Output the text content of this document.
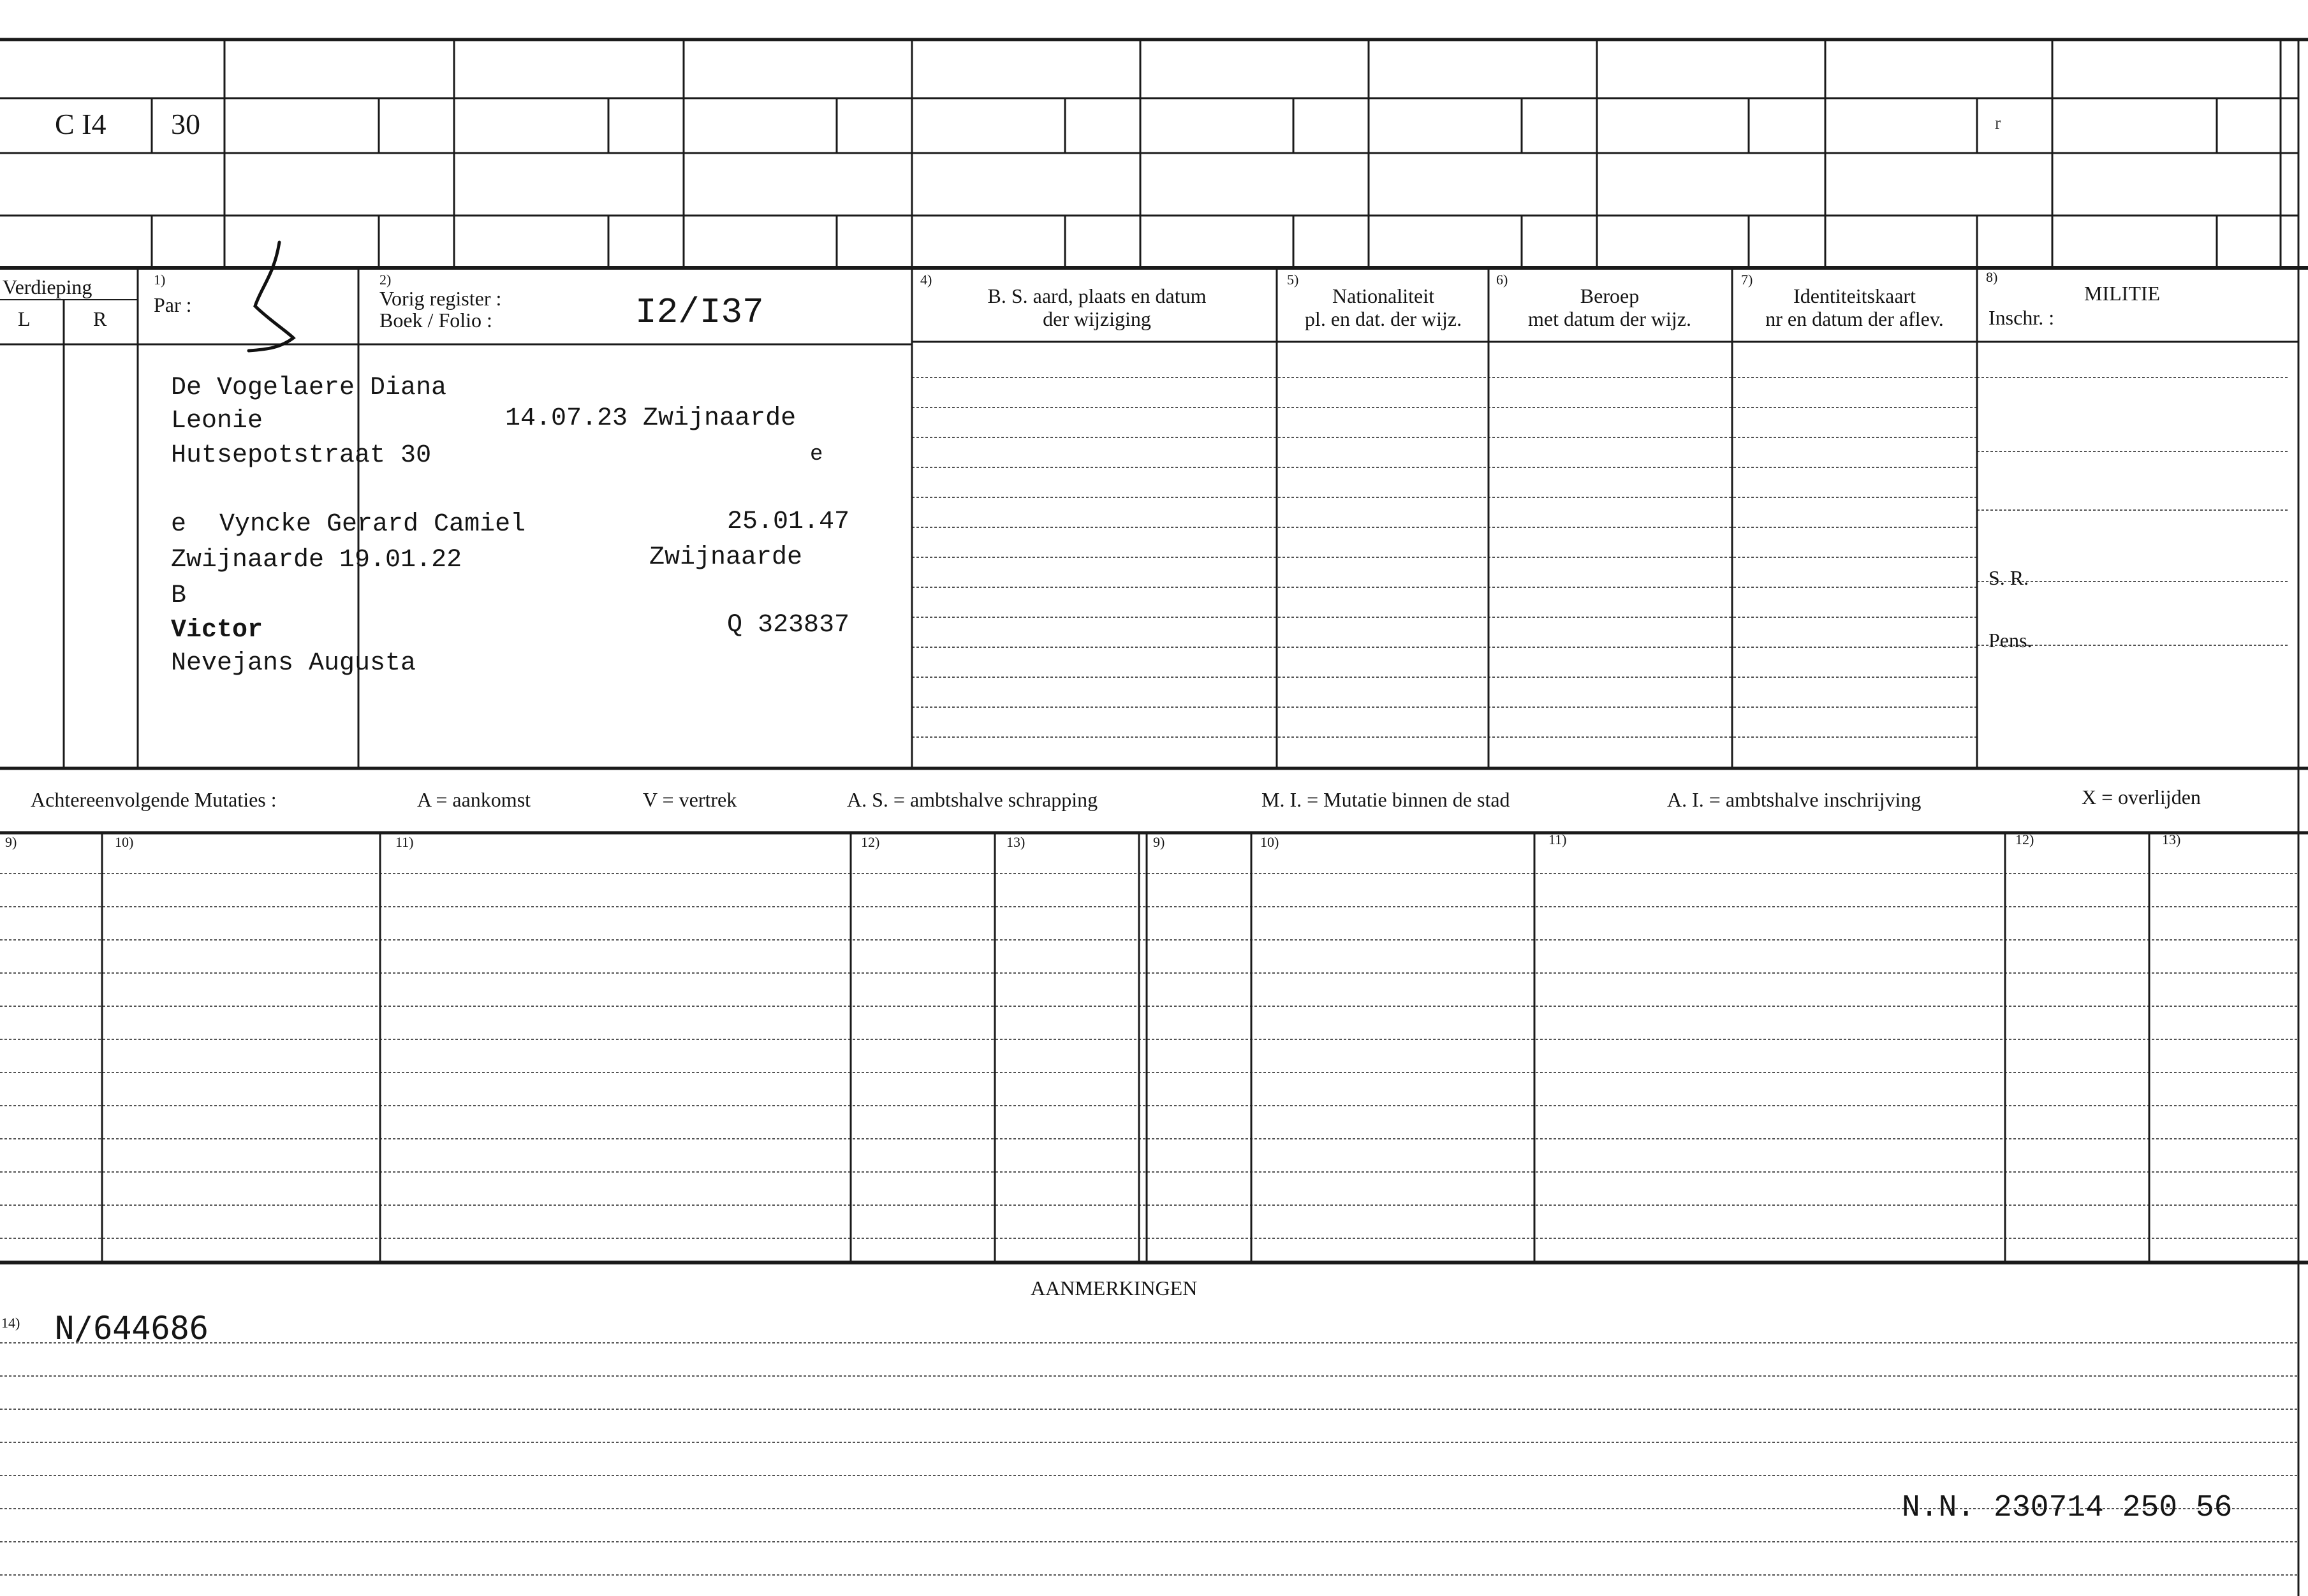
C I4 30	r
Verdieping
L	R
1)
Par :
2)
Vorig register :
Boek / Folio :	I2/I37
4)
B. S. aard, plaats en datum
der wijziging
5)
Nationaliteit
pl. en dat. der wijz.
6)
Beroep
met datum der wijz.
7)
Identiteitskaart
nr en datum der aflev.
8)
MILITIE
Inschr. :
S. R.
Pens.
De Vogelaere Diana
Leonie	14.07.23 Zwijnaarde
Hutsepotstraat 30	e
e Vyncke Gerard Camiel	25.01.47
Zwijnaarde 19.01.22	Zwijnaarde
B
Victor	Q 323837
Nevejans Augusta
Achtereenvolgende Mutaties :	A = aankomst	V = vertrek	A. S. = ambtshalve schrapping	M. I. = Mutatie binnen de stad	A. I. = ambtshalve inschrijving	X = overlijden
9)	10)	11)	12)	13)	9)	10)	11)	12)	13)
AANMERKINGEN
14) N/644686
N.N. 230714 250 56
